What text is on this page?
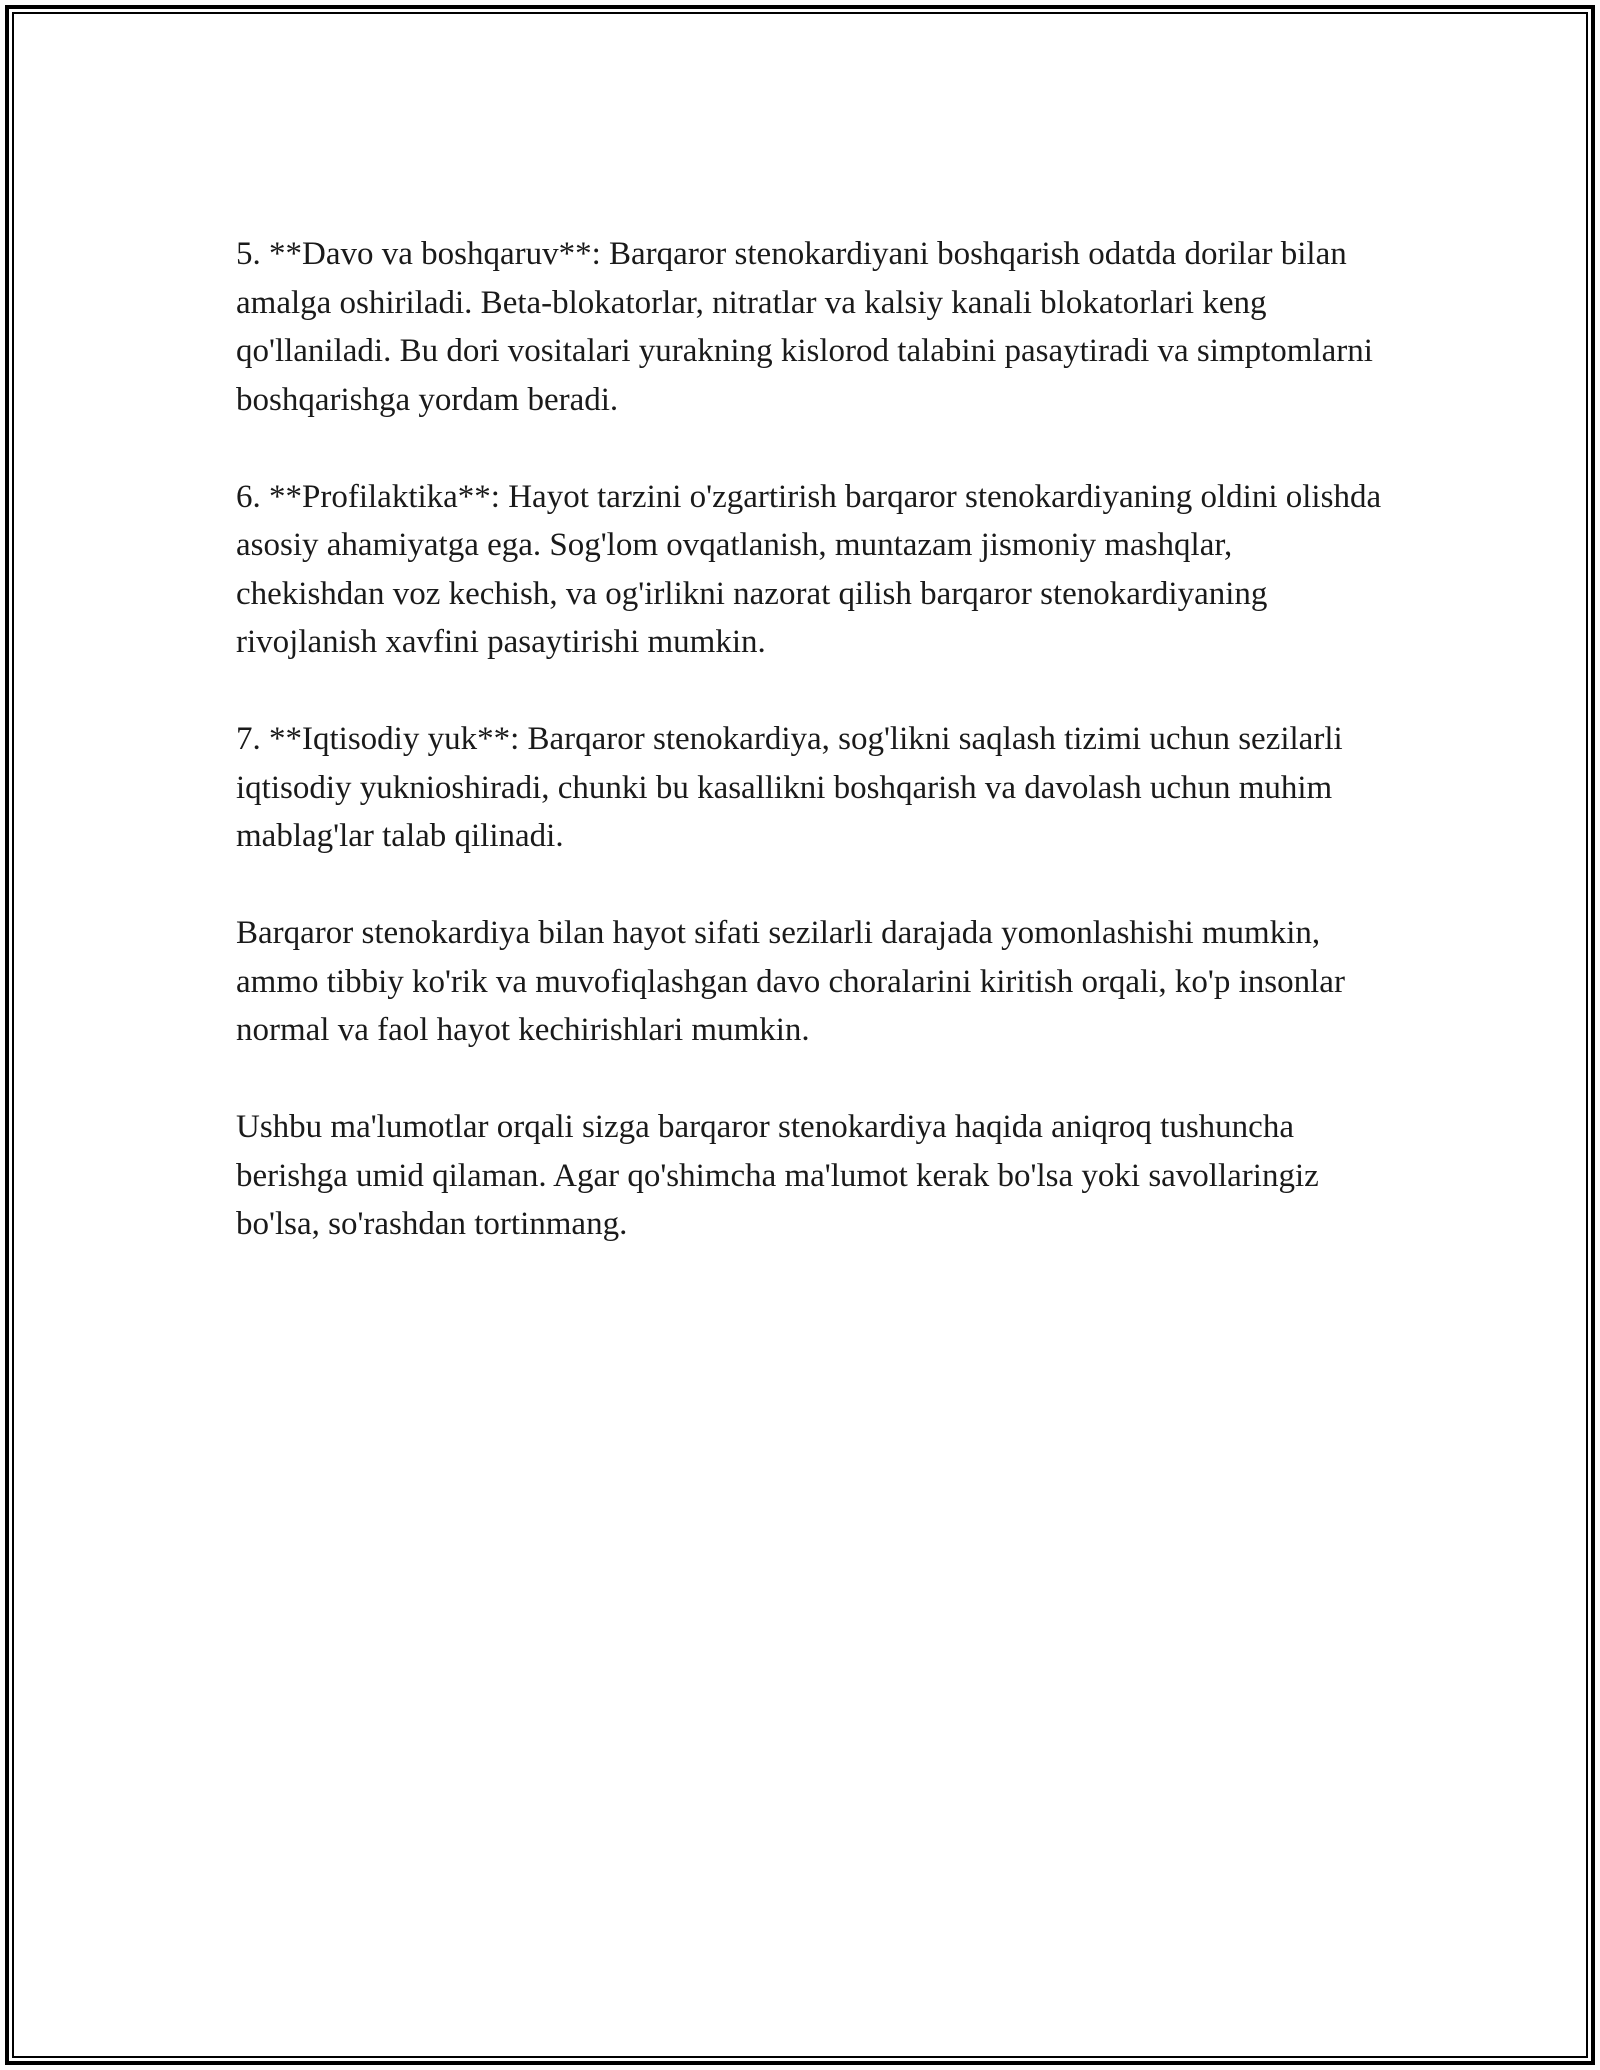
5. **Davo va boshqaruv**: Barqaror stenokardiyani boshqarish odatda dorilar bilan amalga oshiriladi. Beta-blokatorlar, nitratlar va kalsiy kanali blokatorlari keng qo'llaniladi. Bu dori vositalari yurakning kislorod talabini pasaytiradi va simptomlarni boshqarishga yordam beradi.

6. **Profilaktika**: Hayot tarzini o'zgartirish barqaror stenokardiyaning oldini olishda asosiy ahamiyatga ega. Sog'lom ovqatlanish, muntazam jismoniy mashqlar, chekishdan voz kechish, va og'irlikni nazorat qilish barqaror stenokardiyaning rivojlanish xavfini pasaytirishi mumkin.

7. **Iqtisodiy yuk**: Barqaror stenokardiya, sog'likni saqlash tizimi uchun sezilarli iqtisodiy yuknioshiradi, chunki bu kasallikni boshqarish va davolash uchun muhim mablag'lar talab qilinadi.

Barqaror stenokardiya bilan hayot sifati sezilarli darajada yomonlashishi mumkin, ammo tibbiy ko'rik va muvofiqlashgan davo choralarini kiritish orqali, ko'p insonlar normal va faol hayot kechirishlari mumkin.

Ushbu ma'lumotlar orqali sizga barqaror stenokardiya haqida aniqroq tushuncha berishga umid qilaman. Agar qo'shimcha ma'lumot kerak bo'lsa yoki savollaringiz bo'lsa, so'rashdan tortinmang.
